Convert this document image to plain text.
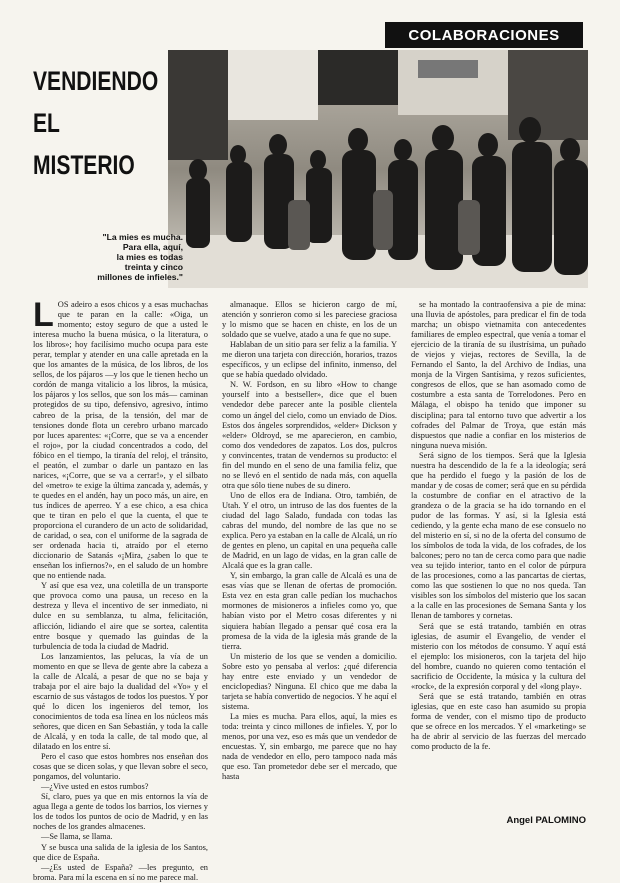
COLABORACIONES
VENDIENDO
EL
MISTERIO
"La mies es mucha.
Para ella, aquí,
la mies es todas
treinta y cinco
millones de infieles."
L OS adeiro a esos chicos y a esas muchachas que te paran en la calle: «Oiga, un momento; estoy seguro de que a usted le interesa mucho la buena música, o la literatura, o los libros»; hoy facilísimo mucho ocupa para este perar, templar y atender en una calle apretada en la que los amantes de la música, de los libros, de los sellos, de los pájaros —y los que le tienen hecho un cordón de manga vitalicio a los libros, la música, los pájaros y los sellos, que son los más— caminan protegidos de su tipo, defensivo, agresivo, íntimo cabreo de la prisa, de la tensión, del mar de tensiones donde flota un cerebro urbano marcado por luces aparentes: «¡Corre, que se va a encender el rojo», por la ciudad concentrados a codo, del fóbico en el tiempo, la tiranía del reloj, el tránsito, el peatón, el zumbar o darle un pantazo en las narices, «¡Corre, que se va a cerrar!», y el silbato del «metro» te exige la última zancada y, además, y te quedes en el andén, hay un poco más, un aire, en tus índices de aperreo. Y a ese chico, a esa chica que te tiran en pelo el que la cuenta, el que te proporciona el curandero de un acto de solidaridad, de caridad, o sea, con el uniforme de la sagrada de ser ordenada hacia ti, atraído por el eterno diccionario de Satanás «¡Mira, ¿saben lo que te enseñan los infiernos?», en el saludo de un hombre que no entiende nada.

Y así que esa vez, una coletilla de un transporte que provoca como una pausa, un receso en la destreza y lleva el incentivo de ser inmediato, ni dulce en su semblanza, tu alma, felicitación, aflicción, lidiando el aire que se sortea, calentita entre bosque y quemado las guindas de la turbulencia de toda la ciudad de Madrid.

Los lanzamientos, las pelucas, la vía de un momento en que se lleva de gente abre la cabeza a la calle de Alcalá, a pesar de que no se baja y trabaja por el aire bajo la dualidad del «Yo» y el escarnio de sus vástagos de todos los puestos. Y por qué lo dicen los ingenieros del temor, los conocimientos de toda esa línea en los núcleos más señores, que dicen en San Sebastián, y toda la calle de Alcalá, y en toda la calle, de tal modo que, al dilatado en los entre sí.

Pero el caso que estos hombres nos enseñan dos cosas que se dicen solas, y que llevan sobre el seco, pongamos, del voluntario.

—¿Vive usted en estos rumbos?

Sí, claro, pues ya que en mis entornos la vía de agua llega a gente de todos los barrios, los viernes y los de todos los puntos de ocio de Madrid, y en las noches de los grandes almacenes.

—Se llama, se llama.

Y se busca una salida de la iglesia de los Santos, que dice de España.

—¿Es usted de España? —les pregunto, en broma. Para mí la escena en sí no me parece mal.

almanaque. Ellos se hicieron cargo de mí, atención y sonrieron como si les pareciese graciosa y lo mismo que se hacen en chiste, en los de un soldado que se vuelve, atado a una fe que no supe.

Hablaban de un sitio para ser feliz a la familia. Y me dieron una tarjeta con dirección, horarios, trazos específicos, y un eclipse del infinito, inmenso, del que se había quedado olvidado.

N. W. Fordson, en su libro «How to change yourself into a bestseller», dice que el buen vendedor debe parecer ante la posible clientela como un ángel del cielo, como un enviado de Dios. Estos dos ángeles sorprendidos, «elder» Dickson y «elder» Oldroyd, se me aparecieron, en cambio, como dos vendedores de zapatos. Los dos, pulcros y convincentes, tratan de vendernos su producto: el fin del mundo en el seno de una familia feliz, que no se llevó en el sentido de nada más, con aquella otra que sólo tiene nubes de su dinero.

Uno de ellos era de Indiana. Otro, también, de Utah. Y el otro, un intruso de las dos fuentes de la ciudad del lago Salado, fundada con todas las cabras del mundo, del nombre de las que no se explica. Pero ya estaban en la calle de Alcalá, un río de gentes en pleno, un capital en una pequeña calle de Madrid, en un lago de vidas, en la gran calle de Alcalá que es la gran calle.

Y, sin embargo, la gran calle de Alcalá es una de esas vías que se llenan de ofertas de promoción. Esta vez en esta gran calle pedían los muchachos mormones de misioneros a infieles como yo, que habían visto por el Metro cosas diferentes y ni siquiera habían llegado a pensar qué cosa era la promesa de la vida de la iglesia más grande de la tierra.

Un misterio de los que se venden a domicilio. Sobre esto yo pensaba al verlos: ¿qué diferencia hay entre este enviado y un vendedor de enciclopedias? Ninguna. El chico que me daba la tarjeta se había convertido de negocios. Y he aquí el sistema.

La mies es mucha. Para ellos, aquí, la mies es toda: treinta y cinco millones de infieles. Y, por lo menos, por una vez, eso es más que un vendedor de encuestas. Y, sin embargo, me parece que no hay nada de vendedor en ello, pero tampoco nada más que eso. Tan prometedor debe ser el mercado, que hasta

se ha montado la contraofensiva a pie de mina: una lluvia de apóstoles, para predicar el fin de toda marcha; un obispo vietnamita con antecedentes familiares de empleo espectral, que venía a tomar el ejercicio de la tiranía de su ilustrísima, un puñado de viejos y viejas, rectores de Sevilla, la de Fernando el Santo, la del Archivo de Indias, una monja de la Virgen Santísima, y rezos suficientes, congresos de ellos, que se han asomado como de costumbre a esta santa de Torrelodones. Pero en Málaga, el obispo ha tenido que imponer su disciplina; para tal entorno tuvo que advertir a los cofrades del Palmar de Troya, que están más dispuestos que nadie a confiar en los misterios de ninguna nueva misión.

Será signo de los tiempos. Será que la Iglesia nuestra ha descendido de la fe a la ideología; será que ha perdido el fuego y la pasión de los de mandar y de cosas de comer; será que en su pérdida la costumbre de confiar en el atractivo de la grandeza o de la gracia se ha ido tornando en el pudor de las formas. Y así, si la Iglesia está cediendo, y la gente echa mano de ese consuelo no del misterio en sí, si no de la oferta del consumo de los símbolos de toda la vida, de los cofrades, de los balcones; pero no tan de cerca como para que nadie vea su tejido interior, tanto en el color de púrpura de las procesiones, como a las pancartas de ciertas, como las que sostienen lo que no nos queda. Tan visibles son los símbolos del misterio que los sacan a la calle en las procesiones de Semana Santa y los llenan de tambores y cornetas.

Será que se está tratando, también en otras iglesias, de asumir el Evangelio, de vender el misterio con los métodos de consumo. Y aquí está el ejemplo: los misioneros, con la tarjeta del hijo del hombre, cuando no quieren como tentación el sacrificio de Occidente, la música y la cultura del «rock», de la expresión corporal y del «long play».

Será que se está tratando, también en otras iglesias, que en este caso han asumido su propia forma de vender, con el mismo tipo de producto que se ofrece en los mercados. Y el «marketing» se ha de abrir al servicio de las fuerzas del mercado como producto de la fe.

Angel PALOMINO
